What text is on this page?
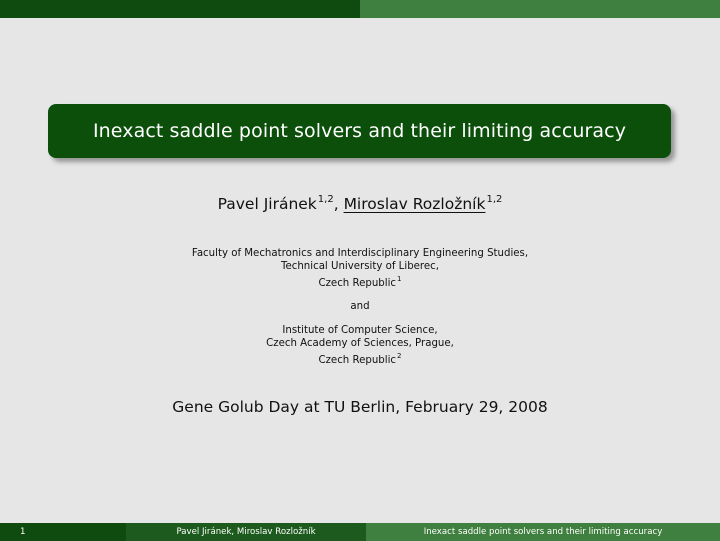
Inexact saddle point solvers and their limiting accuracy
Pavel Jiránek$^{1,2}$, Miroslav Rozložník$^{1,2}$
Faculty of Mechatronics and Interdisciplinary Engineering Studies,
Technical University of Liberec,
Czech Republic$^1$
and
Institute of Computer Science,
Czech Academy of Sciences, Prague,
Czech Republic$^2$
Gene Golub Day at TU Berlin, February 29, 2008
1	Pavel Jiránek, Miroslav Rozložník	Inexact saddle point solvers and their limiting accuracy
